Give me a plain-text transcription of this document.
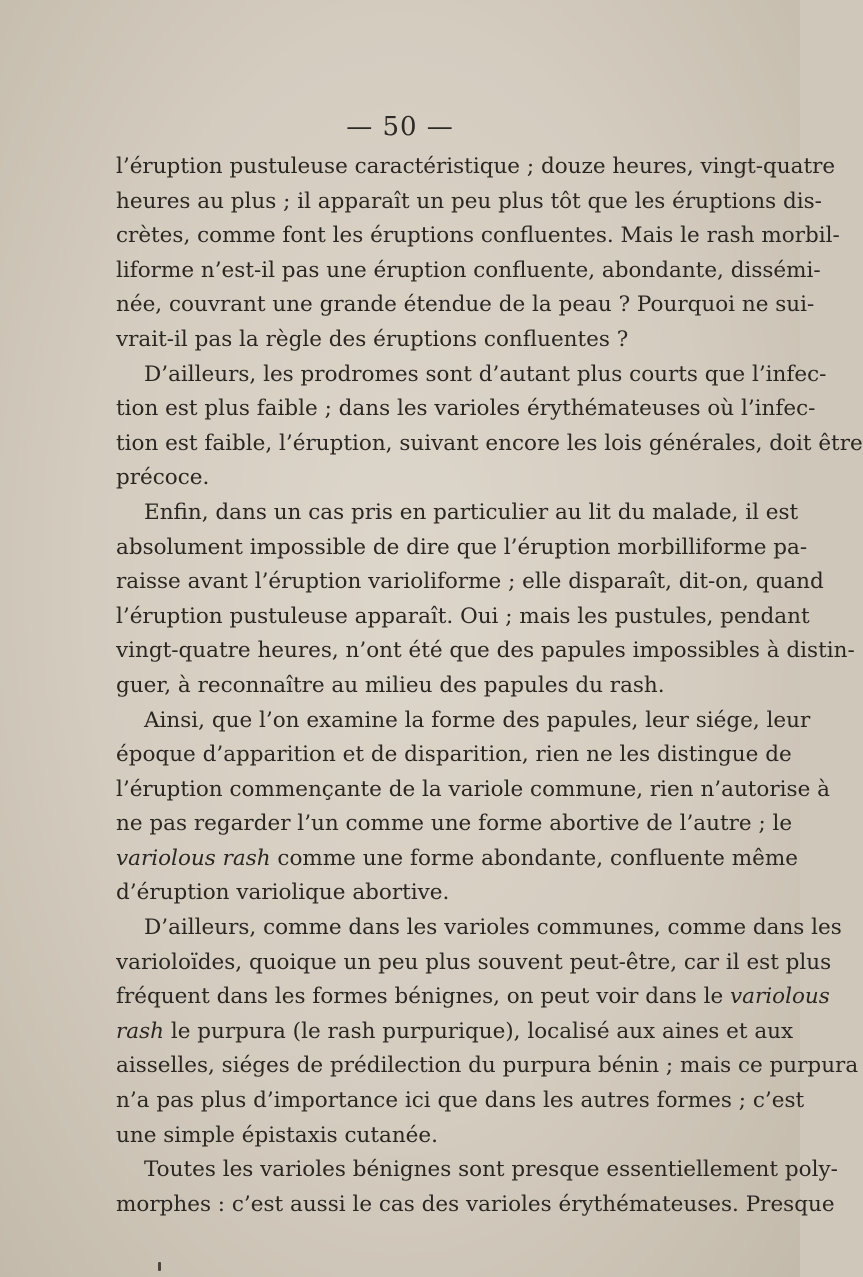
— 50 —
l’éruption pustuleuse caractéristique ; douze heures, vingt-quatre
heures au plus ; il apparaît un peu plus tôt que les éruptions dis-
crètes, comme font les éruptions confluentes. Mais le rash morbil-
liforme n’est-il pas une éruption confluente, abondante, dissémi-
née, couvrant une grande étendue de la peau ? Pourquoi ne sui-
vrait-il pas la règle des éruptions confluentes ?
D’ailleurs, les prodromes sont d’autant plus courts que l’infec-
tion est plus faible ; dans les varioles érythémateuses où l’infec-
tion est faible, l’éruption, suivant encore les lois générales, doit être
précoce.
Enfin, dans un cas pris en particulier au lit du malade, il est
absolument impossible de dire que l’éruption morbilliforme pa-
raisse avant l’éruption varioliforme ; elle disparaît, dit-on, quand
l’éruption pustuleuse apparaît. Oui ; mais les pustules, pendant
vingt-quatre heures, n’ont été que des papules impossibles à distin-
guer, à reconnaître au milieu des papules du rash.
Ainsi, que l’on examine la forme des papules, leur siége, leur
époque d’apparition et de disparition, rien ne les distingue de
l’éruption commençante de la variole commune, rien n’autorise à
ne pas regarder l’un comme une forme abortive de l’autre ; le
variolous rash comme une forme abondante, confluente même
d’éruption variolique abortive.
D’ailleurs, comme dans les varioles communes, comme dans les
varioloïdes, quoique un peu plus souvent peut-être, car il est plus
fréquent dans les formes bénignes, on peut voir dans le variolous
rash le purpura (le rash purpurique), localisé aux aines et aux
aisselles, siéges de prédilection du purpura bénin ; mais ce purpura
n’a pas plus d’importance ici que dans les autres formes ; c’est
une simple épistaxis cutanée.
Toutes les varioles bénignes sont presque essentiellement poly-
morphes : c’est aussi le cas des varioles érythémateuses. Presque
